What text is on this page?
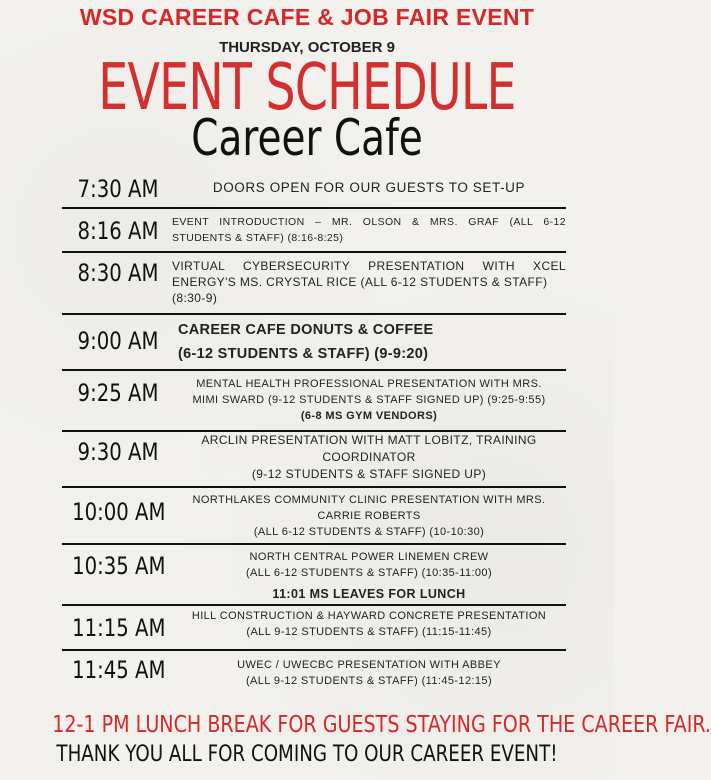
WSD CAREER CAFE & JOB FAIR EVENT
THURSDAY, OCTOBER 9
EVENT SCHEDULE
Career Cafe
7:30 AM	DOORS OPEN FOR OUR GUESTS TO SET-UP
8:16 AM	EVENT INTRODUCTION – MR. OLSON & MRS. GRAF (ALL 6-12
STUDENTS & STAFF) (8:16-8:25)
8:30 AM	VIRTUAL CYBERSECURITY PRESENTATION WITH XCEL
ENERGY'S MS. CRYSTAL RICE (ALL 6-12 STUDENTS & STAFF) (8:30-9)
9:00 AM	CAREER CAFE DONUTS & COFFEE
(6-12 STUDENTS & STAFF) (9-9:20)
9:25 AM	MENTAL HEALTH PROFESSIONAL PRESENTATION WITH MRS.
MIMI SWARD (9-12 STUDENTS & STAFF SIGNED UP) (9:25-9:55)
(6-8 MS GYM VENDORS)
9:30 AM	ARCLIN PRESENTATION WITH MATT LOBITZ, TRAINING
COORDINATOR
(9-12 STUDENTS & STAFF SIGNED UP)
10:00 AM	NORTHLAKES COMMUNITY CLINIC PRESENTATION WITH MRS.
CARRIE ROBERTS
(ALL 6-12 STUDENTS & STAFF) (10-10:30)
10:35 AM	NORTH CENTRAL POWER LINEMEN CREW
(ALL 6-12 STUDENTS & STAFF) (10:35-11:00)
11:01 MS LEAVES FOR LUNCH
11:15 AM	HILL CONSTRUCTION & HAYWARD CONCRETE PRESENTATION
(ALL 9-12 STUDENTS & STAFF) (11:15-11:45)
11:45 AM	UWEC / UWECBC PRESENTATION WITH ABBEY
(ALL 9-12 STUDENTS & STAFF) (11:45-12:15)
12-1 PM LUNCH BREAK FOR GUESTS STAYING FOR THE CAREER FAIR.
THANK YOU ALL FOR COMING TO OUR CAREER EVENT!
